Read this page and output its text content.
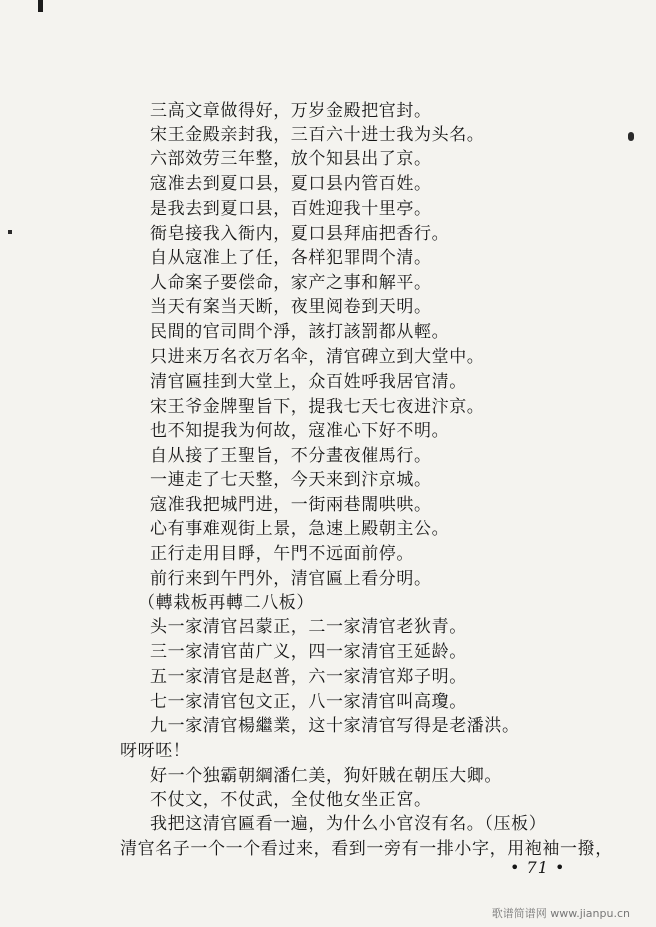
三高文章做得好，万岁金殿把官封。
宋王金殿亲封我，三百六十进士我为头名。
六部效劳三年整，放个知县出了京。
寇准去到夏口县，夏口县内管百姓。
是我去到夏口县，百姓迎我十里亭。
衙皂接我入衙内，夏口县拜庙把香行。
自从寇准上了任，各样犯罪問个清。
人命案子要偿命，家产之事和解平。
当天有案当天断，夜里阅卷到天明。
民間的官司問个淨，該打該罰都从輕。
只进来万名衣万名伞，清官碑立到大堂中。
清官匾挂到大堂上，众百姓呼我居官清。
宋王爷金牌聖旨下，提我七天七夜进汴京。
也不知提我为何故，寇准心下好不明。
自从接了王聖旨，不分晝夜催馬行。
一連走了七天整，今天来到汴京城。
寇准我把城門进，一街兩巷閙哄哄。
心有事难观街上景，急速上殿朝主公。
正行走用目睜，午門不远面前停。
前行来到午門外，清官匾上看分明。
（轉栽板再轉二八板）
头一家清官呂蒙正，二一家清官老狄青。
三一家清官苗广义，四一家清官王延龄。
五一家清官是赵普，六一家清官郑子明。
七一家清官包文正，八一家清官叫高瓊。
九一家清官楊繼業，这十家清官写得是老潘洪。
呀呀呸！
好一个独霸朝綱潘仁美，狗奸賊在朝压大卿。
不仗文，不仗武，全仗他女坐正宮。
我把这清官匾看一遍，为什么小官沒有名。（压板）
清官名子一个一个看过来，看到一旁有一排小字，用袍袖一撥，
• 71 •
歌谱简谱网 www.jianpu.cn
